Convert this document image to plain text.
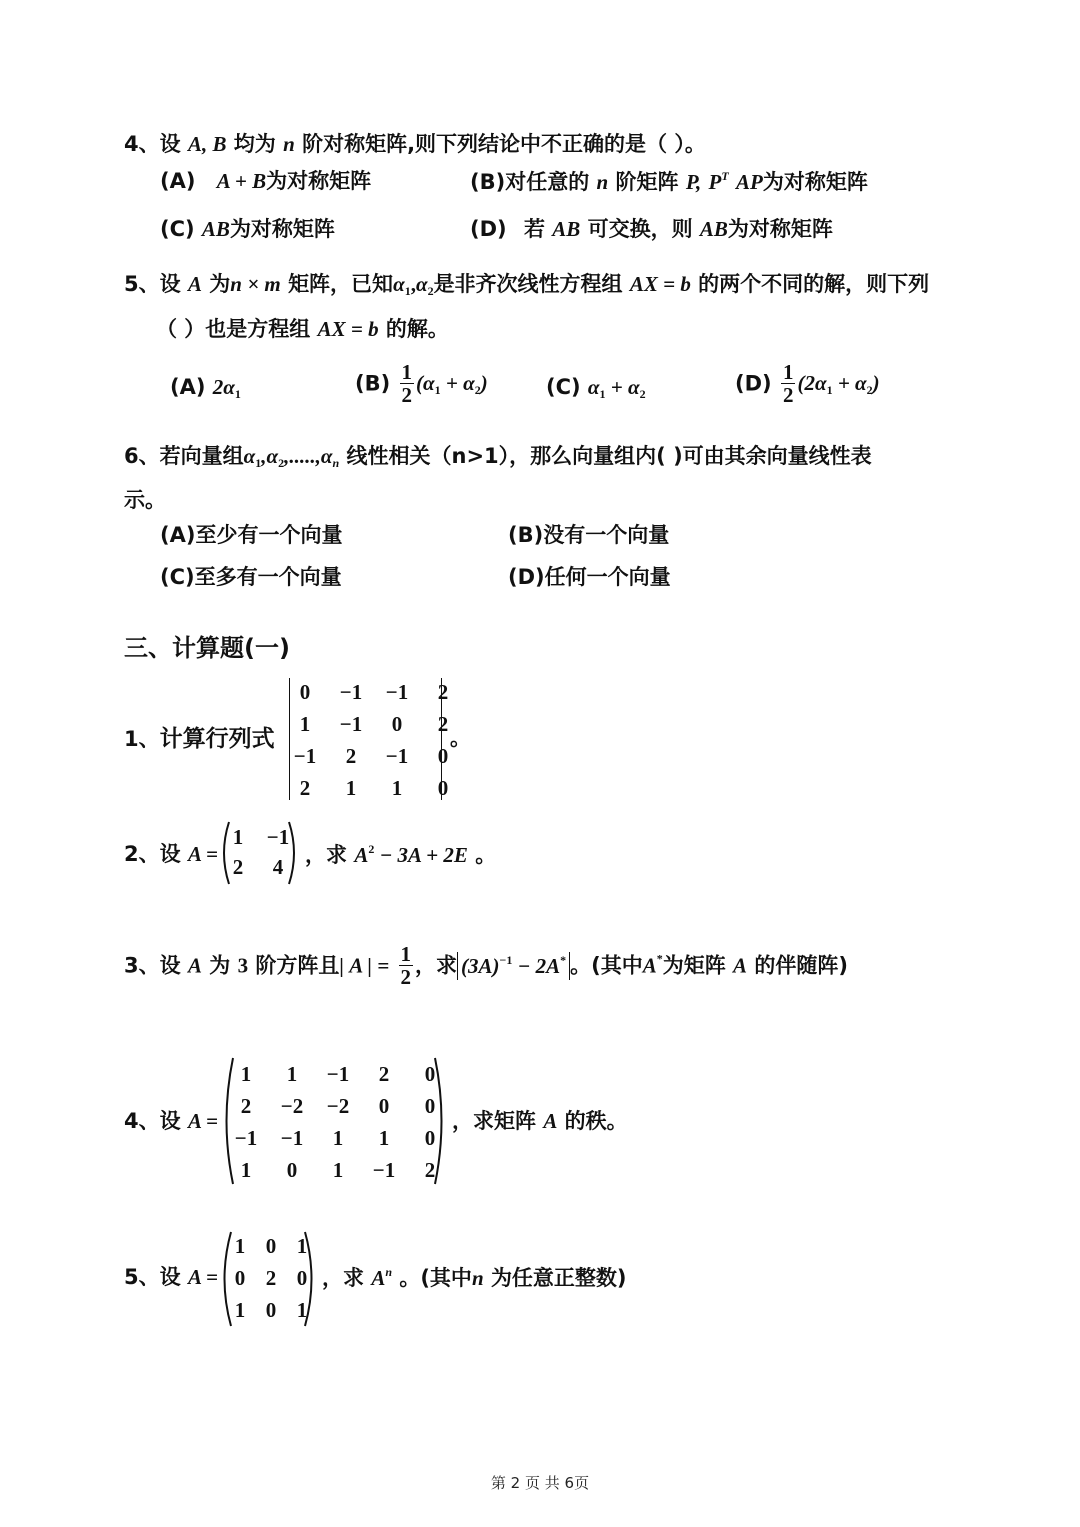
4、设 A, B 均为 n 阶对称矩阵,则下列结论中不正确的是（ ）。
(A) A + B为对称矩阵	(B)对任意的 n 阶矩阵 P, $P^T$ AP为对称矩阵
(C) AB为对称矩阵	(D) 若 AB 可交换，则 AB为对称矩阵
5、设 A 为n × m 矩阵，已知$\alpha_1,\alpha_2$是非齐次线性方程组 AX = b 的两个不同的解，则下列
（ ）也是方程组 AX = b 的解。
(A) $2\alpha_1$	$(B) \frac{1}{2} (\alpha_1 + \alpha_2)$	(C) $\alpha_1 + \alpha_2$	$(D) \frac{1}{2} (2\alpha_1 + \alpha_2)$
6、若向量组$\alpha_1,\alpha_2,.....,\alpha_n$ 线性相关（n>1），那么向量组内( )可由其余向量线性表
示。
(A)至少有一个向量	(B)没有一个向量
(C)至多有一个向量	(D)任何一个向量
三、计算题(一)
1、计算行列式
0	−1	−1	2
1	−1	0	2
−1	2	−1	0
2	1	1	0
。
2、设 A =
1	−1
2	4	，求 $A^2 - 3A + 2E$ 。
3、设 A 为 3 阶方阵且| A | = $\frac{1}{2}$ ，求 $(3A)^{-1} - 2A^*$ 。(其中A*为矩阵 A 的伴随阵)
4、设 A =
1	1	−1	2	0
2	−2	−2	0	0
−1	−1	1	1	0
1	0	1	−1	2
，求矩阵 A 的秩。
5、设 A =
1 0 1
0 2 0
1 0 1
，求 $A^n$ 。(其中n 为任意正整数)
第 2 页 共 6页
